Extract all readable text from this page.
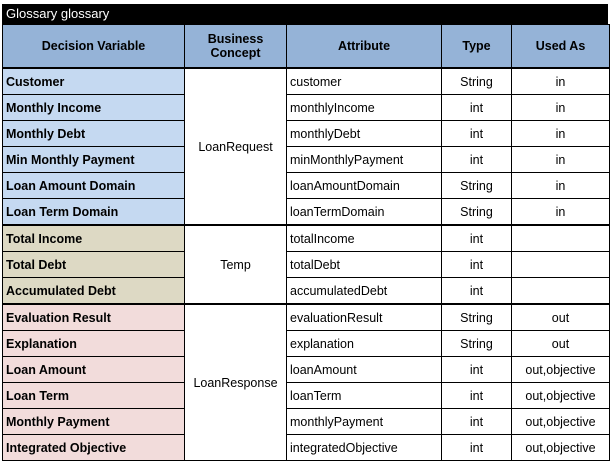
Glossary glossary
Decision Variable	Business Concept	Attribute	Type	Used As
Customer	LoanRequest	customer	String	in
Monthly Income		monthlyIncome	int	in
Monthly Debt		monthlyDebt	int	in
Min Monthly Payment		minMonthlyPayment	int	in
Loan Amount Domain		loanAmountDomain	String	in
Loan Term Domain		loanTermDomain	String	in
Total Income	Temp	totalIncome	int	
Total Debt		totalDebt	int	
Accumulated Debt		accumulatedDebt	int	
Evaluation Result	LoanResponse	evaluationResult	String	out
Explanation		explanation	String	out
Loan Amount		loanAmount	int	out,objective
Loan Term		loanTerm	int	out,objective
Monthly Payment		monthlyPayment	int	out,objective
Integrated Objective		integratedObjective	int	out,objective
